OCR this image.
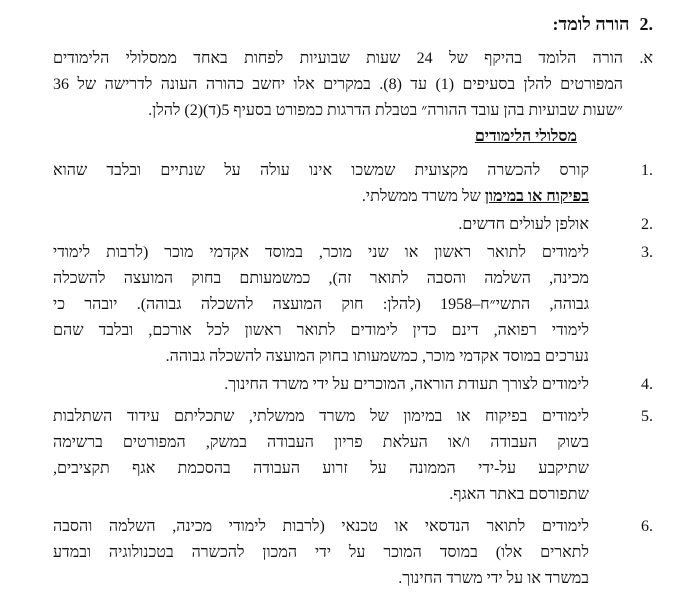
.2הורה לומד:
א.
הורה הלומד בהיקף של 24 שעות שבועיות לפחות באחד ממסלולי הלימודים
המפורטים להלן בסעיפים (1) עד (8). במקרים אלו יחשב כהורה העונה לדרישה של 36
״שעות שבועיות בהן עובד ההורה״ בטבלת הדרגות כמפורט בסעיף 5(ד)(2) להלן.
מסלולי הלימודים
.1
קורס להכשרה מקצועית שמשכו אינו עולה על שנתיים ובלבד שהוא
בפיקוח או במימון של משרד ממשלתי.
.2
אולפן לעולים חדשים.
.3
לימודים לתואר ראשון או שני מוכר, במוסד אקדמי מוכר (לרבות לימודי
מכינה, השלמה והסבה לתואר זה), כמשמעותם בחוק המועצה להשכלה
גבוהה, התשי״ח–1958 (להלן: חוק המועצה להשכלה גבוהה). יובהר כי
לימודי רפואה, דינם כדין לימודים לתואר ראשון לכל אורכם, ובלבד שהם
נערכים במוסד אקדמי מוכר, כמשמעותו בחוק המועצה להשכלה גבוהה.
.4
לימודים לצורך תעודת הוראה, המוכרים על ידי משרד החינוך.
.5
לימודים בפיקוח או במימון של משרד ממשלתי, שתכליתם עידוד השתלבות
בשוק העבודה ו/או העלאת פריון העבודה במשק, המפורטים ברשימה
שתיקבע על-ידי הממונה על זרוע העבודה בהסכמת אגף תקציבים,
שתפורסם באתר האגף.
.6
לימודים לתואר הנדסאי או טכנאי (לרבות לימודי מכינה, השלמה והסבה
לתארים אלו) במוסד המוכר על ידי המכון להכשרה בטכנולוגיה ובמדע
במשרד או על ידי משרד החינוך.
